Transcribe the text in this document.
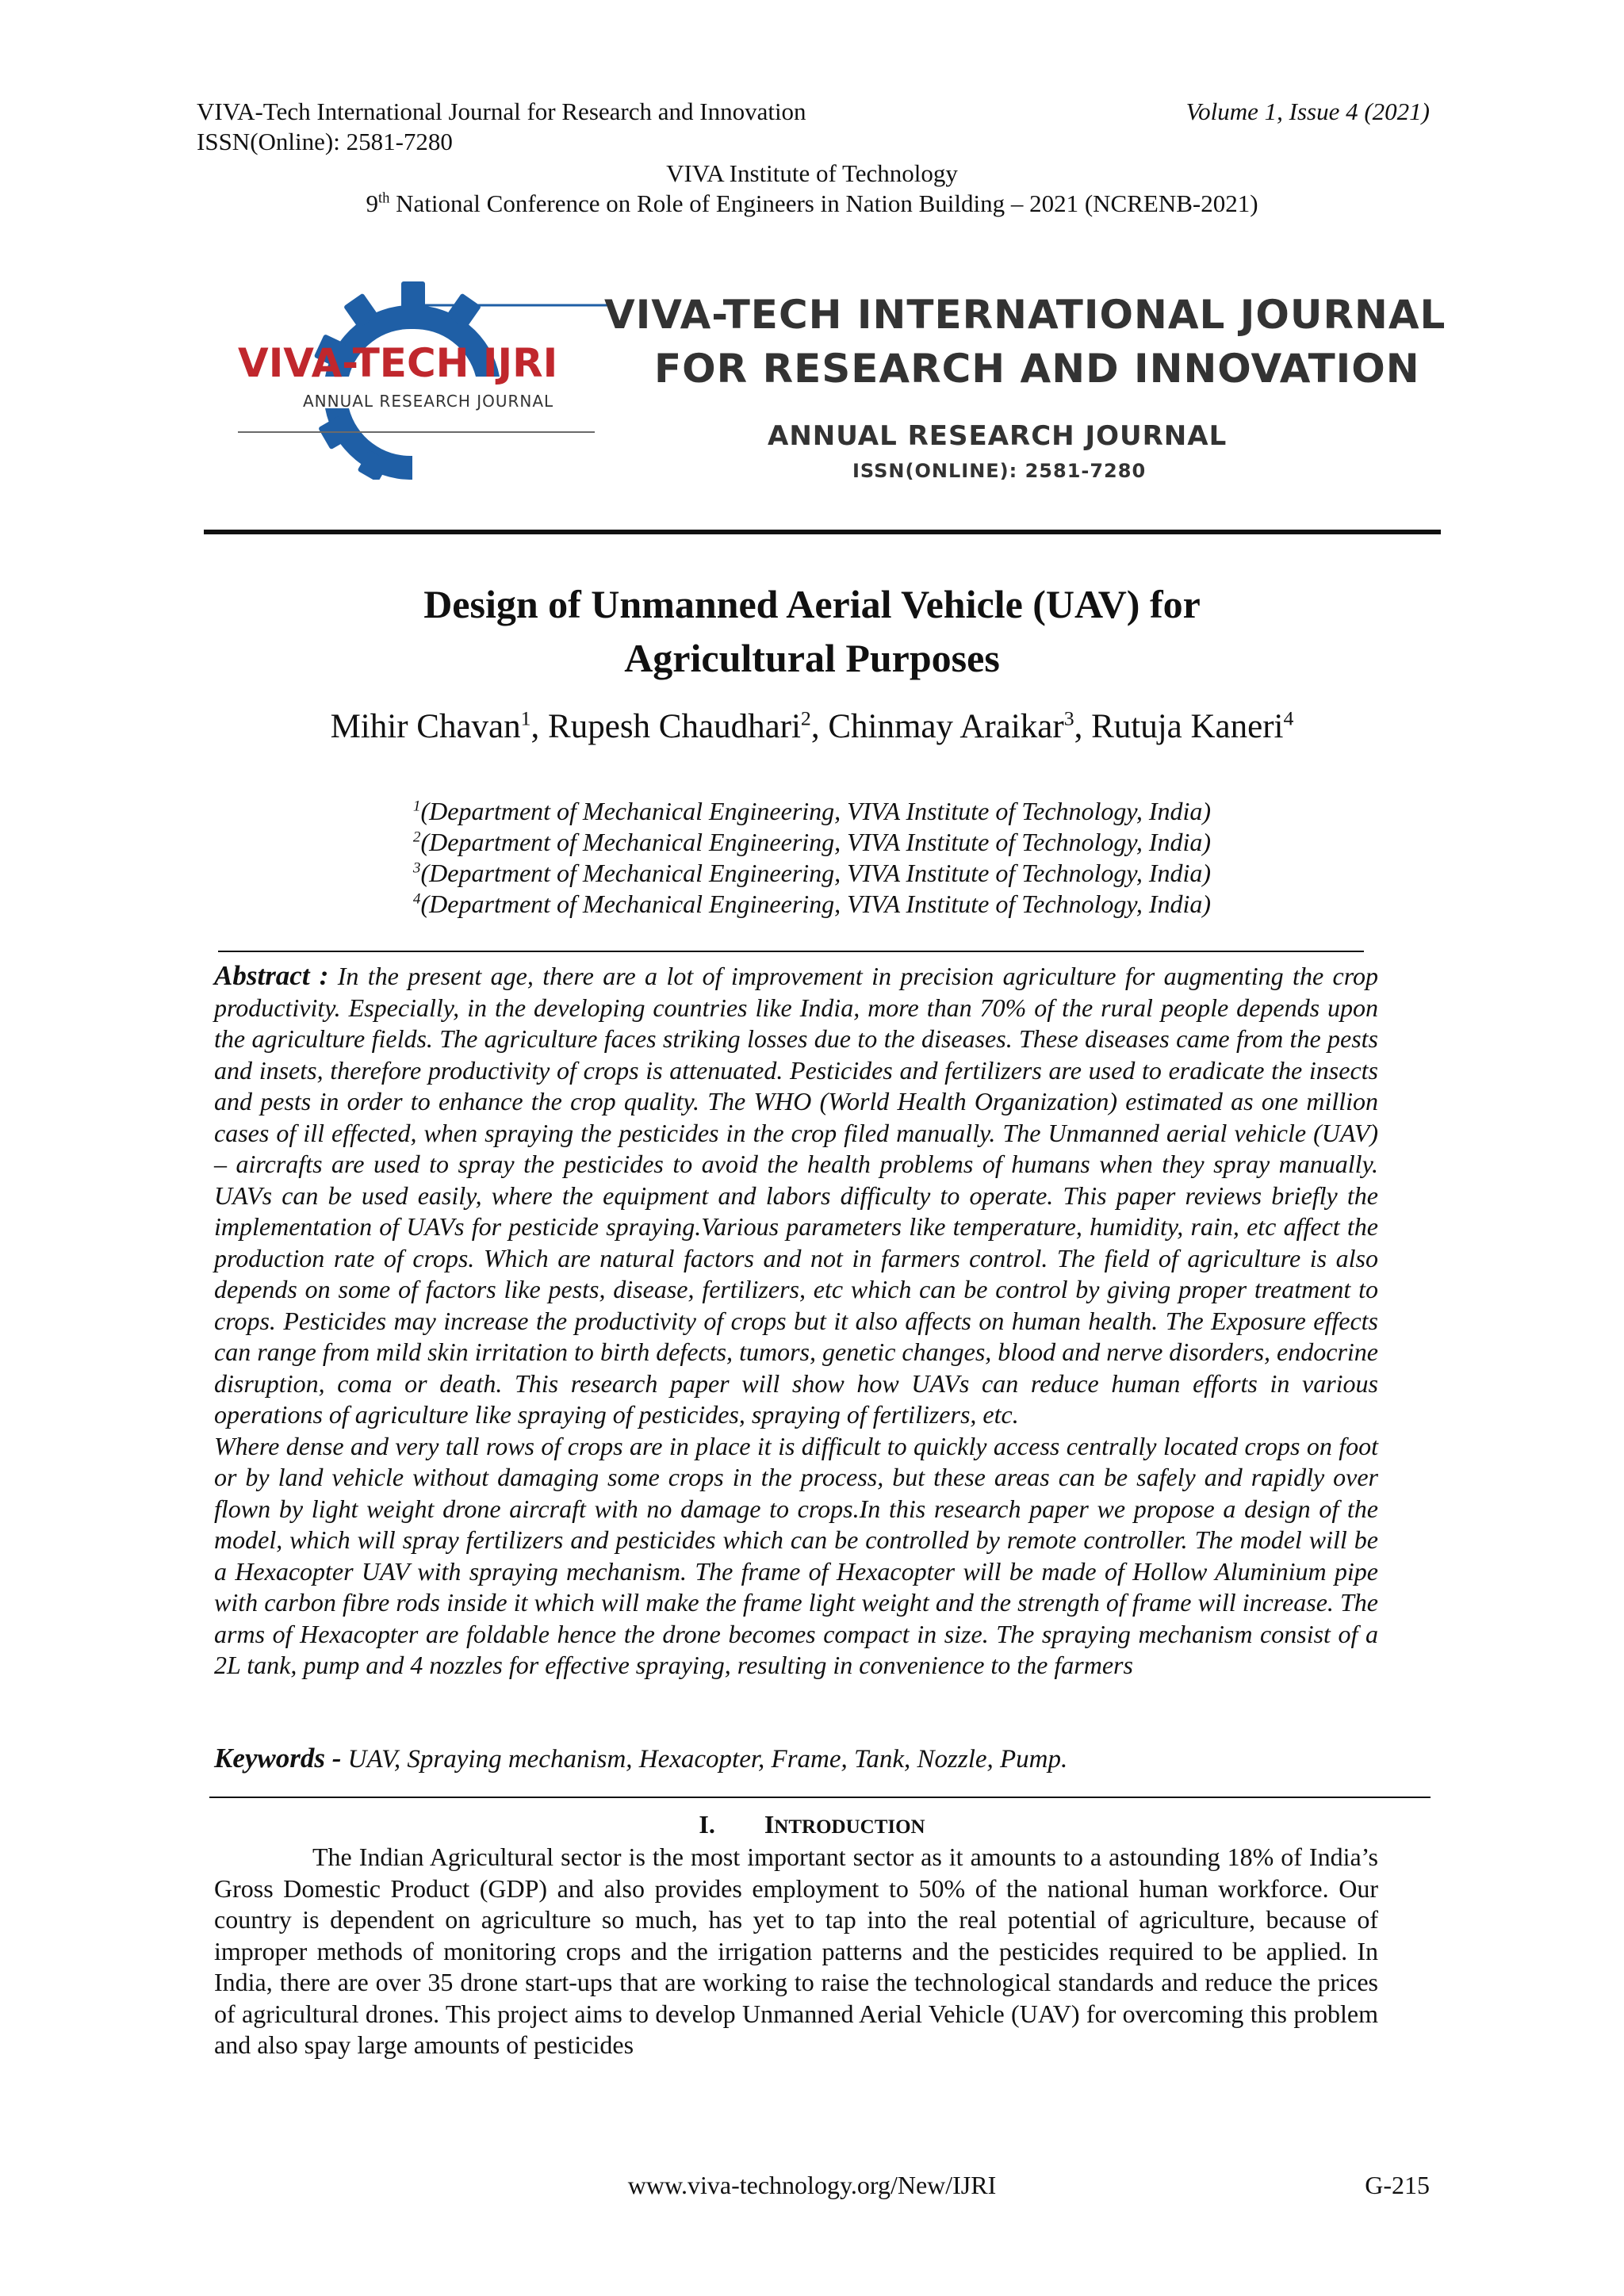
VIVA-Tech International Journal for Research and Innovation
ISSN(Online): 2581-7280
Volume 1, Issue 4 (2021)
VIVA Institute of Technology
9th National Conference on Role of Engineers in Nation Building – 2021 (NCRENB-2021)
VIVA-TECH IJRI
ANNUAL RESEARCH JOURNAL
VIVA-TECH INTERNATIONAL JOURNAL
FOR RESEARCH AND INNOVATION
ANNUAL RESEARCH JOURNAL
ISSN(ONLINE): 2581-7280
Design of Unmanned Aerial Vehicle (UAV) for
Agricultural Purposes
Mihir Chavan$^1$, Rupesh Chaudhari$^2$, Chinmay Araikar$^3$, Rutuja Kaneri$^4$
$^1$(Department of Mechanical Engineering, VIVA Institute of Technology, India)
$^2$(Department of Mechanical Engineering, VIVA Institute of Technology, India)
$^3$(Department of Mechanical Engineering, VIVA Institute of Technology, India)
$^4$(Department of Mechanical Engineering, VIVA Institute of Technology, India)
Abstract : In the present age, there are a lot of improvement in precision agriculture for augmenting the crop productivity. Especially, in the developing countries like India, more than 70% of the rural people depends upon the agriculture fields. The agriculture faces striking losses due to the diseases. These diseases came from the pests and insets, therefore productivity of crops is attenuated. Pesticides and fertilizers are used to eradicate the insects and pests in order to enhance the crop quality. The WHO (World Health Organization) estimated as one million cases of ill effected, when spraying the pesticides in the crop filed manually. The Unmanned aerial vehicle (UAV) – aircrafts are used to spray the pesticides to avoid the health problems of humans when they spray manually. UAVs can be used easily, where the equipment and labors difficulty to operate. This paper reviews briefly the implementation of UAVs for pesticide spraying.Various parameters like temperature, humidity, rain, etc affect the production rate of crops. Which are natural factors and not in farmers control. The field of agriculture is also depends on some of factors like pests, disease, fertilizers, etc which can be control by giving proper treatment to crops. Pesticides may increase the productivity of crops but it also affects on human health. The Exposure effects can range from mild skin irritation to birth defects, tumors, genetic changes, blood and nerve disorders, endocrine disruption, coma or death. This research paper will show how UAVs can reduce human efforts in various operations of agriculture like spraying of pesticides, spraying of fertilizers, etc.
Where dense and very tall rows of crops are in place it is difficult to quickly access centrally located crops on foot or by land vehicle without damaging some crops in the process, but these areas can be safely and rapidly over flown by light weight drone aircraft with no damage to crops.In this research paper we propose a design of the model, which will spray fertilizers and pesticides which can be controlled by remote controller. The model will be a Hexacopter UAV with spraying mechanism. The frame of Hexacopter will be made of Hollow Aluminium pipe with carbon fibre rods inside it which will make the frame light weight and the strength of frame will increase. The arms of Hexacopter are foldable hence the drone becomes compact in size. The spraying mechanism consist of a 2L tank, pump and 4 nozzles for effective spraying, resulting in convenience to the farmers
Keywords - UAV, Spraying mechanism, Hexacopter, Frame, Tank, Nozzle, Pump.
I. INTRODUCTION
The Indian Agricultural sector is the most important sector as it amounts to a astounding 18% of India’s Gross Domestic Product (GDP) and also provides employment to 50% of the national human workforce. Our country is dependent on agriculture so much, has yet to tap into the real potential of agriculture, because of improper methods of monitoring crops and the irrigation patterns and the pesticides required to be applied. In India, there are over 35 drone start-ups that are working to raise the technological standards and reduce the prices of agricultural drones. This project aims to develop Unmanned Aerial Vehicle (UAV) for overcoming this problem and also spay large amounts of pesticides
www.viva-technology.org/New/IJRI	G-215
